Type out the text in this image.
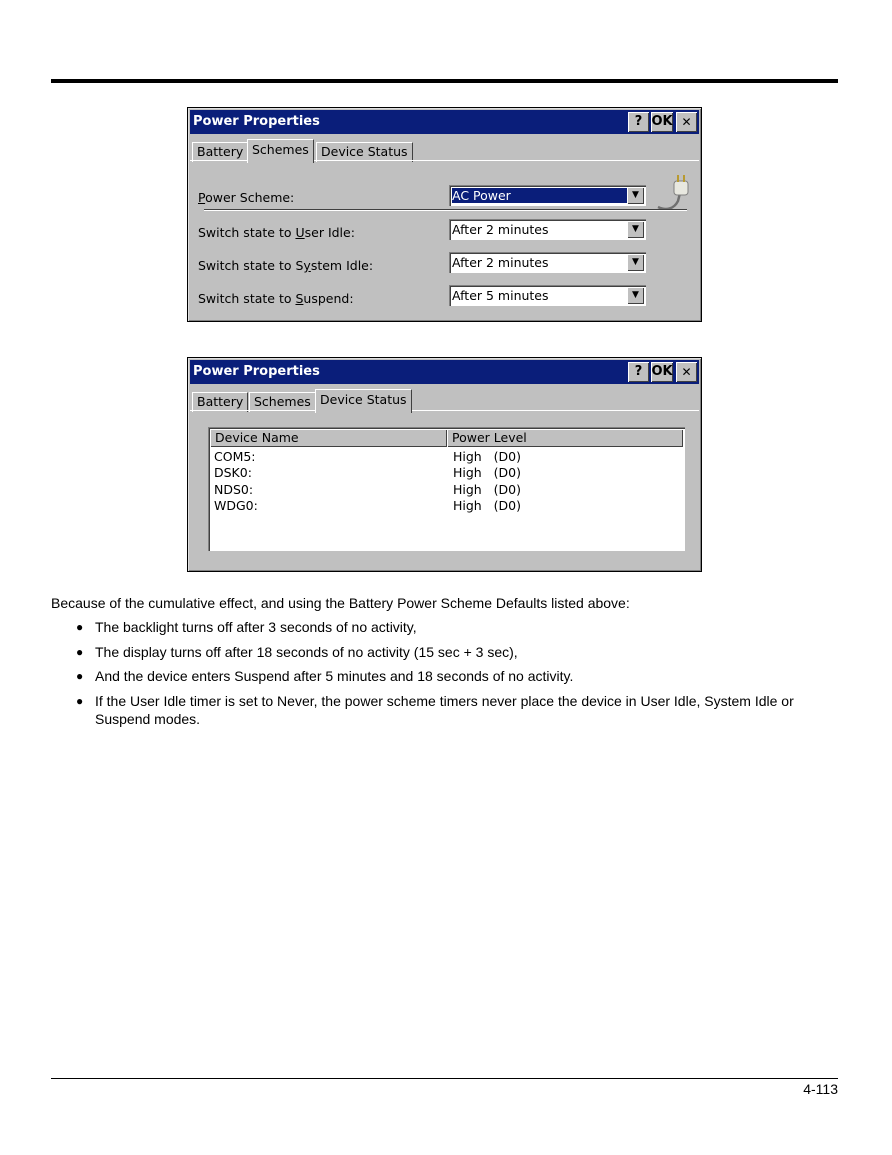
Power Properties	? OK ✕
Battery Schemes Device Status
Power Scheme:	AC Power	▼
Switch state to User Idle:	After 2 minutes	▼
Switch state to System Idle:	After 2 minutes	▼
Switch state to Suspend:	After 5 minutes	▼
Power Properties	? OK ✕
Battery Schemes Device Status
Device Name	Power Level
COM5:	High   (D0)
DSK0:	High   (D0)
NDS0:	High   (D0)
WDG0:	High   (D0)
Because of the cumulative effect, and using the Battery Power Scheme Defaults listed above:
● The backlight turns off after 3 seconds of no activity,
● The display turns off after 18 seconds of no activity (15 sec + 3 sec),
● And the device enters Suspend after 5 minutes and 18 seconds of no activity.
● If the User Idle timer is set to Never, the power scheme timers never place the device in User Idle, System Idle or Suspend modes.
4-113
